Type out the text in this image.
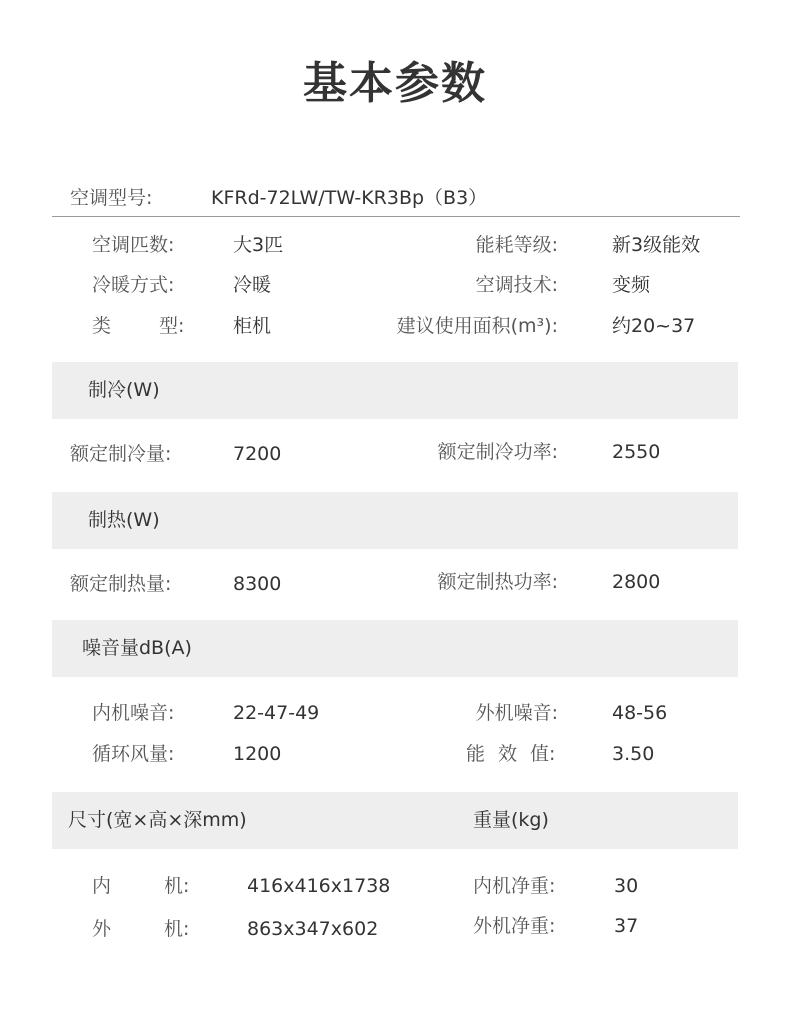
基本参数
空调型号:	KFRd-72LW/TW-KR3Bp（B3）
空调匹数:	大3匹	能耗等级:	新3级能效
冷暖方式:	冷暖	空调技术:	变频
类	型:	柜机	建议使用面积(m³):	约20~37
制冷(W)
额定制冷量:	7200	额定制冷功率:	2550
制热(W)
额定制热量:	8300	额定制热功率:	2800
噪音量dB(A)
内机噪音:	22-47-49	外机噪音:	48-56
循环风量:	1200	能 效 值:	3.50
尺寸(宽×高×深mm)	重量(kg)
内	机:	416x416x1738	内机净重:	30
外	机:	863x347x602	外机净重:	37
